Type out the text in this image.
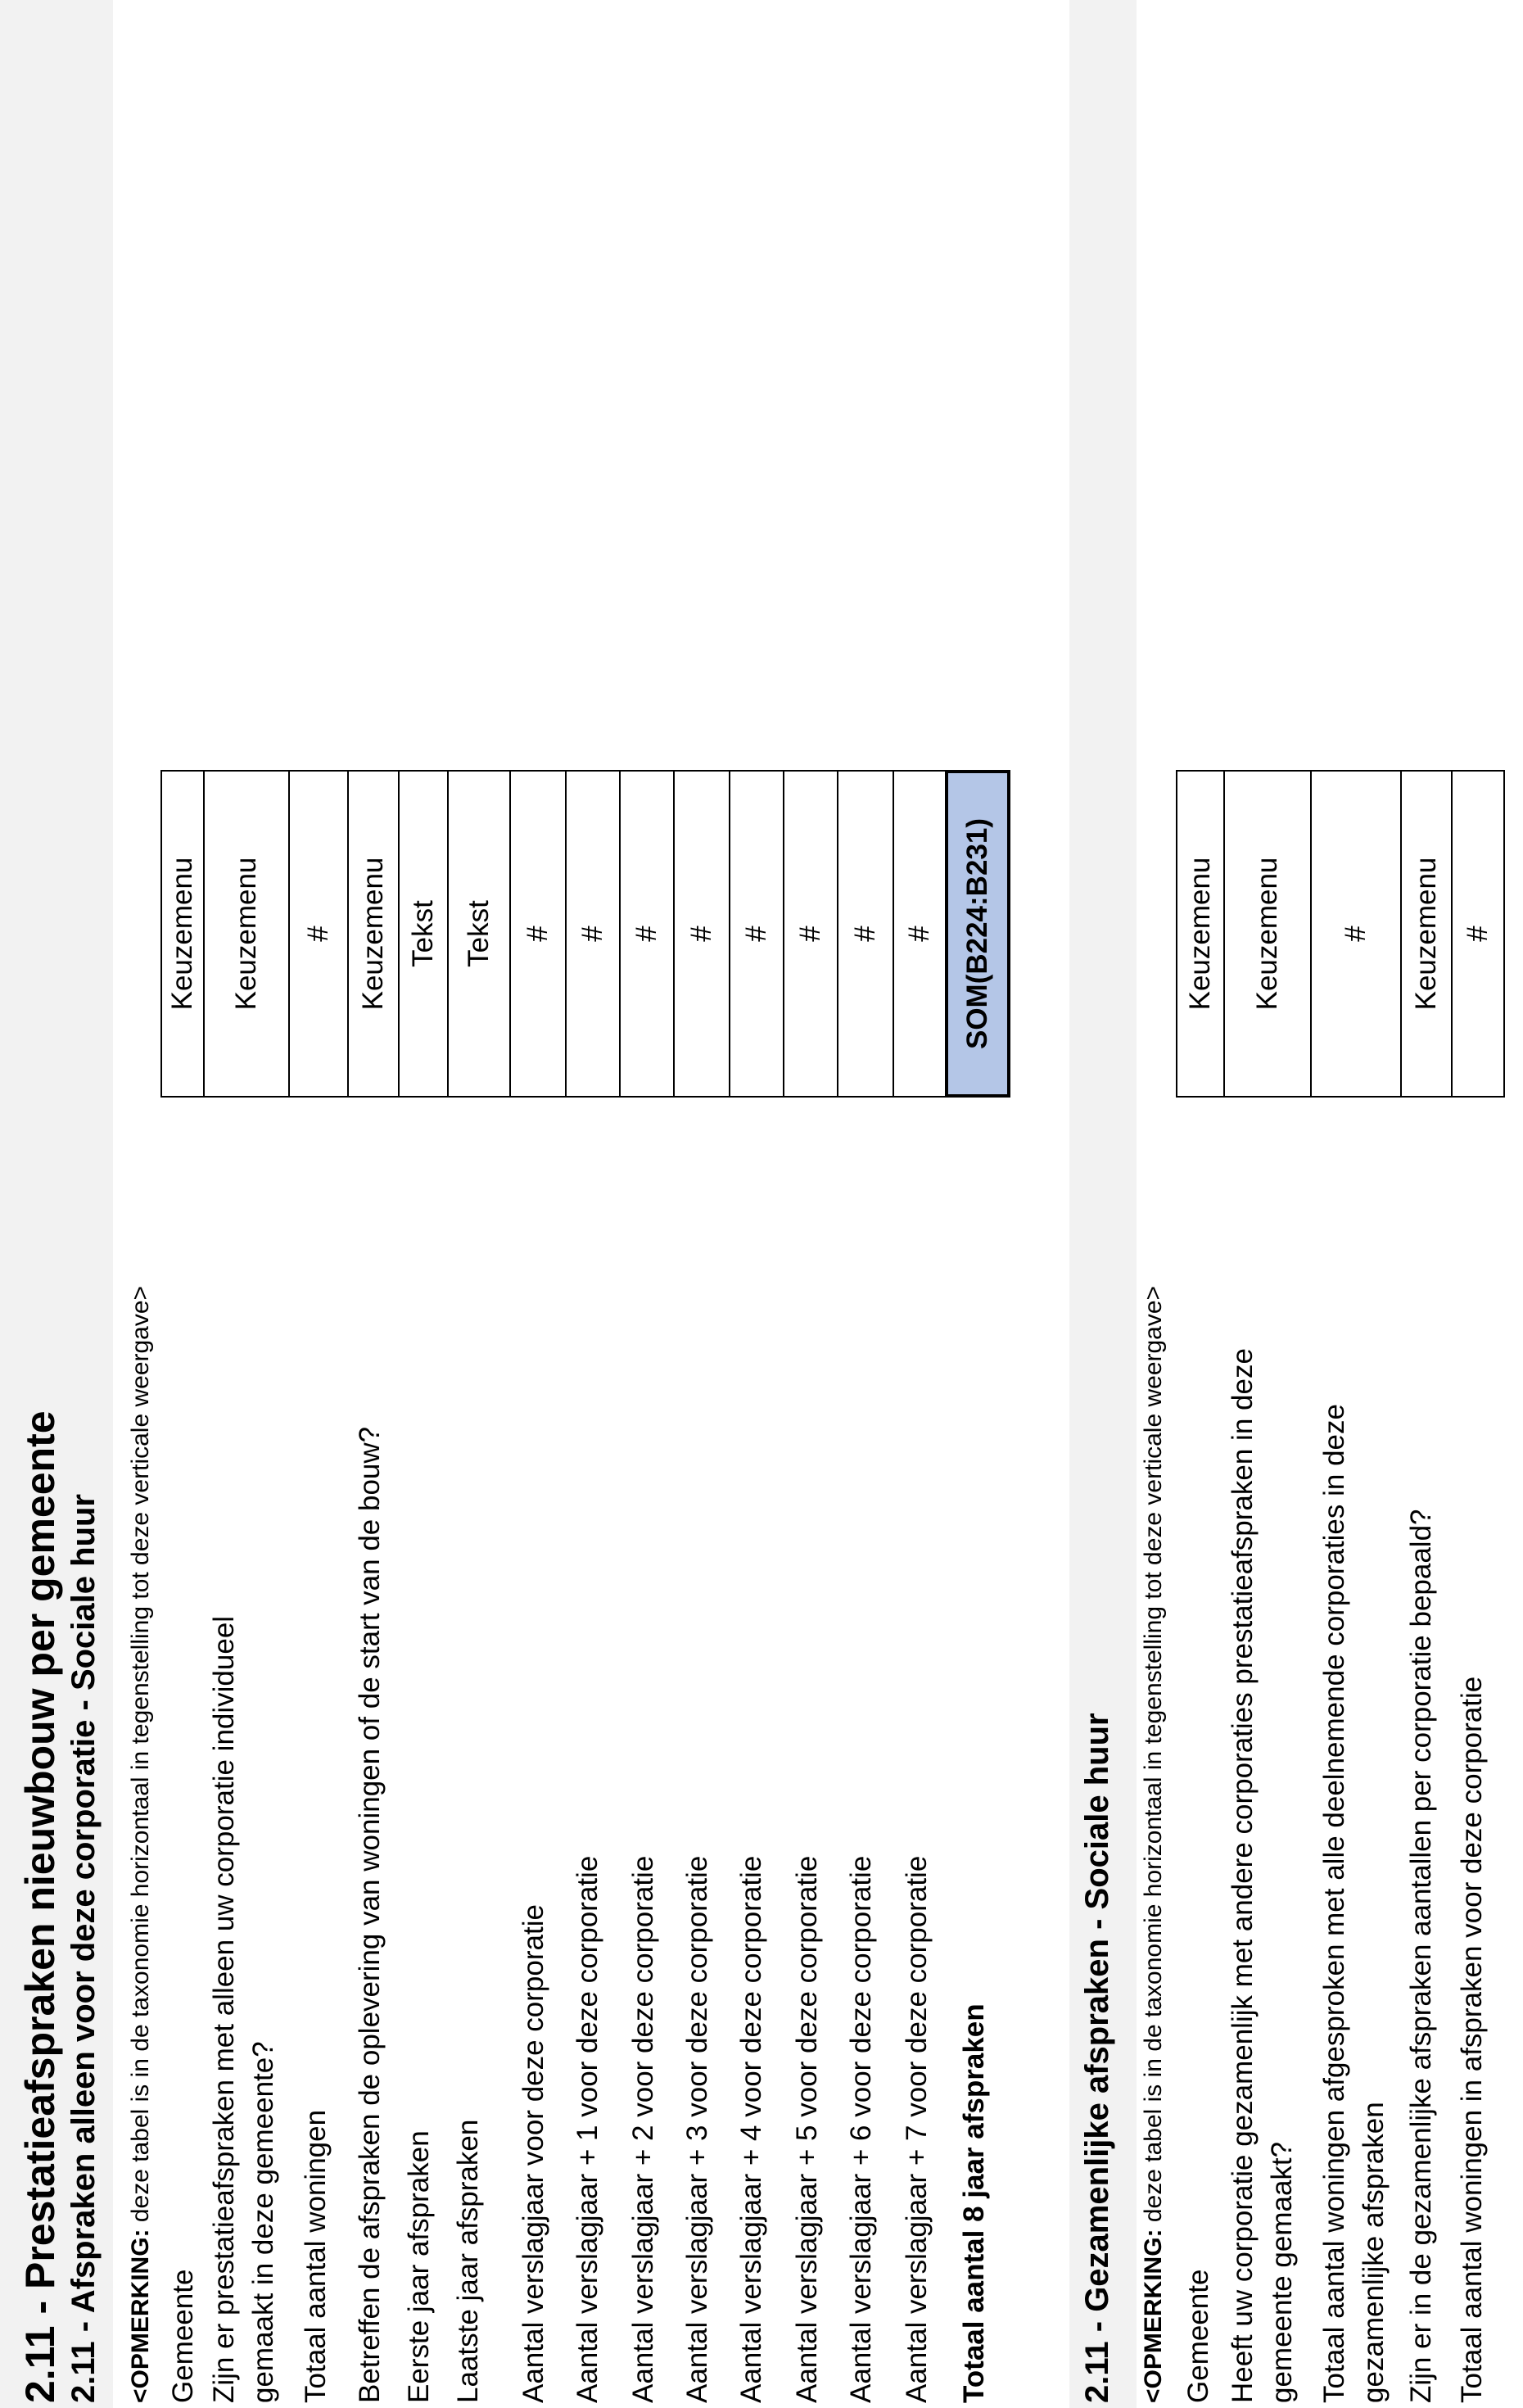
2.11 - Prestatieafspraken nieuwbouw per gemeente 2.11 - Afspraken alleen voor deze corporatie - Sociale huur <OPMERKING: deze tabel is in de taxonomie horizontaal in tegenstelling tot deze verticale weergave>
Gemeente
Keuzemenu
Zijn er prestatieafspraken met alleen uw corporatie individueel gemaakt in deze gemeente?
Keuzemenu
Totaal aantal woningen
#
Betreffen de afspraken de oplevering van woningen of de start van de bouw?
Keuzemenu
Eerste jaar afspraken
Tekst
Laatste jaar afspraken
Tekst
Aantal verslagjaar voor deze corporatie
#
Aantal verslagjaar + 1 voor deze corporatie
#
Aantal verslagjaar + 2 voor deze corporatie
#
Aantal verslagjaar + 3 voor deze corporatie
#
Aantal verslagjaar + 4 voor deze corporatie
#
Aantal verslagjaar + 5 voor deze corporatie
#
Aantal verslagjaar + 6 voor deze corporatie
#
Aantal verslagjaar + 7 voor deze corporatie
#
Totaal aantal 8 jaar afspraken
SOM(B224:B231)
2.11 - Gezamenlijke afspraken - Sociale huur <OPMERKING: deze tabel is in de taxonomie horizontaal in tegenstelling tot deze verticale weergave>
Gemeente
Keuzemenu
Heeft uw corporatie gezamenlijk met andere corporaties prestatieafspraken in deze gemeente gemaakt?
Keuzemenu
Totaal aantal woningen afgesproken met alle deelnemende corporaties in deze gezamenlijke afspraken
#
Zijn er in de gezamenlijke afspraken aantallen per corporatie bepaald?
Keuzemenu
Totaal aantal woningen in afspraken voor deze corporatie
#
